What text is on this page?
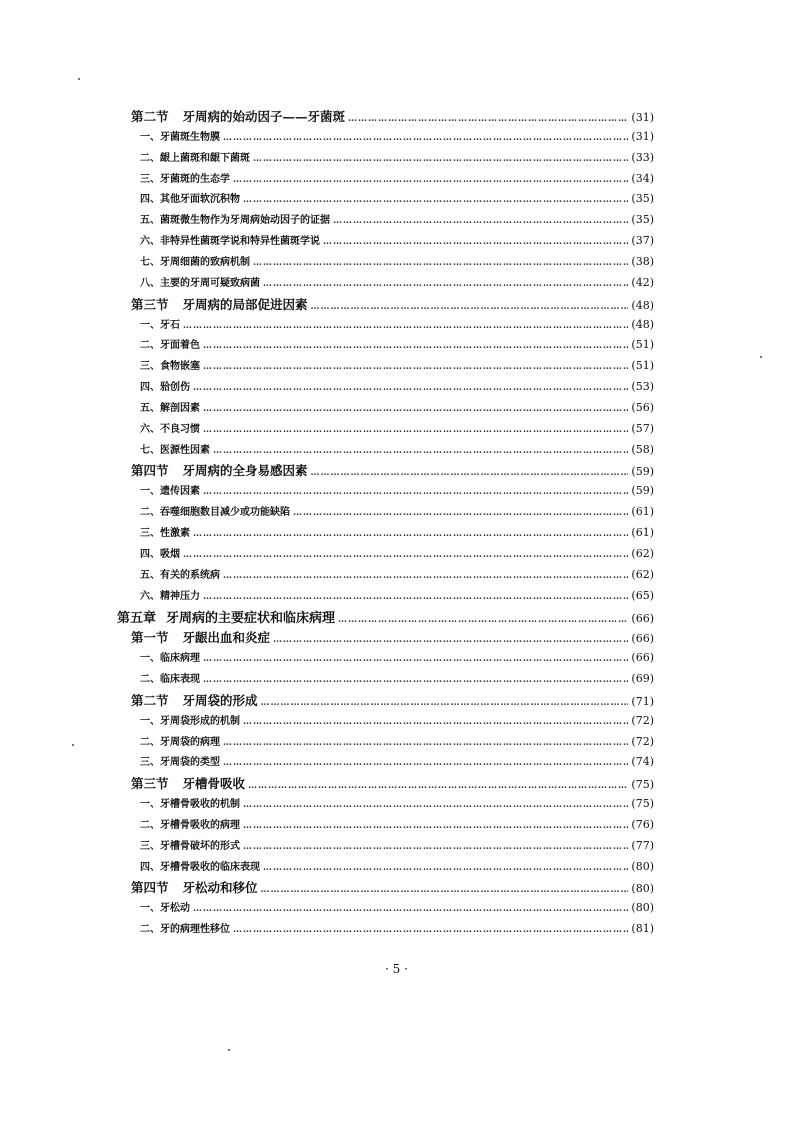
第二节 牙周病的始动因子——牙菌斑 …………………………………………………………………………………………………………………………………………………………………………………………………………	(31)
一、 牙菌斑生物膜 …………………………………………………………………………………………………………………………………………………………………………………………………………	(31)
二、 龈上菌斑和龈下菌斑 …………………………………………………………………………………………………………………………………………………………………………………………………………	(33)
三、 牙菌斑的生态学 …………………………………………………………………………………………………………………………………………………………………………………………………………	(34)
四、 其他牙面软沉积物 …………………………………………………………………………………………………………………………………………………………………………………………………………	(35)
五、 菌斑微生物作为牙周病始动因子的证据 …………………………………………………………………………………………………………………………………………………………………………………………………………	(35)
六、 非特异性菌斑学说和特异性菌斑学说 …………………………………………………………………………………………………………………………………………………………………………………………………………	(37)
七、 牙周细菌的致病机制 …………………………………………………………………………………………………………………………………………………………………………………………………………	(38)
八、 主要的牙周可疑致病菌 …………………………………………………………………………………………………………………………………………………………………………………………………………	(42)
第三节 牙周病的局部促进因素 …………………………………………………………………………………………………………………………………………………………………………………………………………	(48)
一、 牙石 …………………………………………………………………………………………………………………………………………………………………………………………………………	(48)
二、 牙面着色 …………………………………………………………………………………………………………………………………………………………………………………………………………	(51)
三、 食物嵌塞 …………………………………………………………………………………………………………………………………………………………………………………………………………	(51)
四、 𬌗创伤 …………………………………………………………………………………………………………………………………………………………………………………………………………	(53)
五、 解剖因素 …………………………………………………………………………………………………………………………………………………………………………………………………………	(56)
六、 不良习惯 …………………………………………………………………………………………………………………………………………………………………………………………………………	(57)
七、 医源性因素 …………………………………………………………………………………………………………………………………………………………………………………………………………	(58)
第四节 牙周病的全身易感因素 …………………………………………………………………………………………………………………………………………………………………………………………………………	(59)
一、 遗传因素 …………………………………………………………………………………………………………………………………………………………………………………………………………	(59)
二、 吞噬细胞数目减少或功能缺陷 …………………………………………………………………………………………………………………………………………………………………………………………………………	(61)
三、 性激素 …………………………………………………………………………………………………………………………………………………………………………………………………………	(61)
四、 吸烟 …………………………………………………………………………………………………………………………………………………………………………………………………………	(62)
五、 有关的系统病 …………………………………………………………………………………………………………………………………………………………………………………………………………	(62)
六、 精神压力 …………………………………………………………………………………………………………………………………………………………………………………………………………	(65)
第五章 牙周病的主要症状和临床病理 …………………………………………………………………………………………………………………………………………………………………………………………………………	(66)
第一节 牙龈出血和炎症 …………………………………………………………………………………………………………………………………………………………………………………………………………	(66)
一、 临床病理 …………………………………………………………………………………………………………………………………………………………………………………………………………	(66)
二、 临床表现 …………………………………………………………………………………………………………………………………………………………………………………………………………	(69)
第二节 牙周袋的形成 …………………………………………………………………………………………………………………………………………………………………………………………………………	(71)
一、 牙周袋形成的机制 …………………………………………………………………………………………………………………………………………………………………………………………………………	(72)
二、 牙周袋的病理 …………………………………………………………………………………………………………………………………………………………………………………………………………	(72)
三、 牙周袋的类型 …………………………………………………………………………………………………………………………………………………………………………………………………………	(74)
第三节 牙槽骨吸收 …………………………………………………………………………………………………………………………………………………………………………………………………………	(75)
一、 牙槽骨吸收的机制 …………………………………………………………………………………………………………………………………………………………………………………………………………	(75)
二、 牙槽骨吸收的病理 …………………………………………………………………………………………………………………………………………………………………………………………………………	(76)
三、 牙槽骨破坏的形式 …………………………………………………………………………………………………………………………………………………………………………………………………………	(77)
四、 牙槽骨吸收的临床表现 …………………………………………………………………………………………………………………………………………………………………………………………………………	(80)
第四节 牙松动和移位 …………………………………………………………………………………………………………………………………………………………………………………………………………	(80)
一、 牙松动 …………………………………………………………………………………………………………………………………………………………………………………………………………	(80)
二、 牙的病理性移位 …………………………………………………………………………………………………………………………………………………………………………………………………………	(81)
· 5 ·
